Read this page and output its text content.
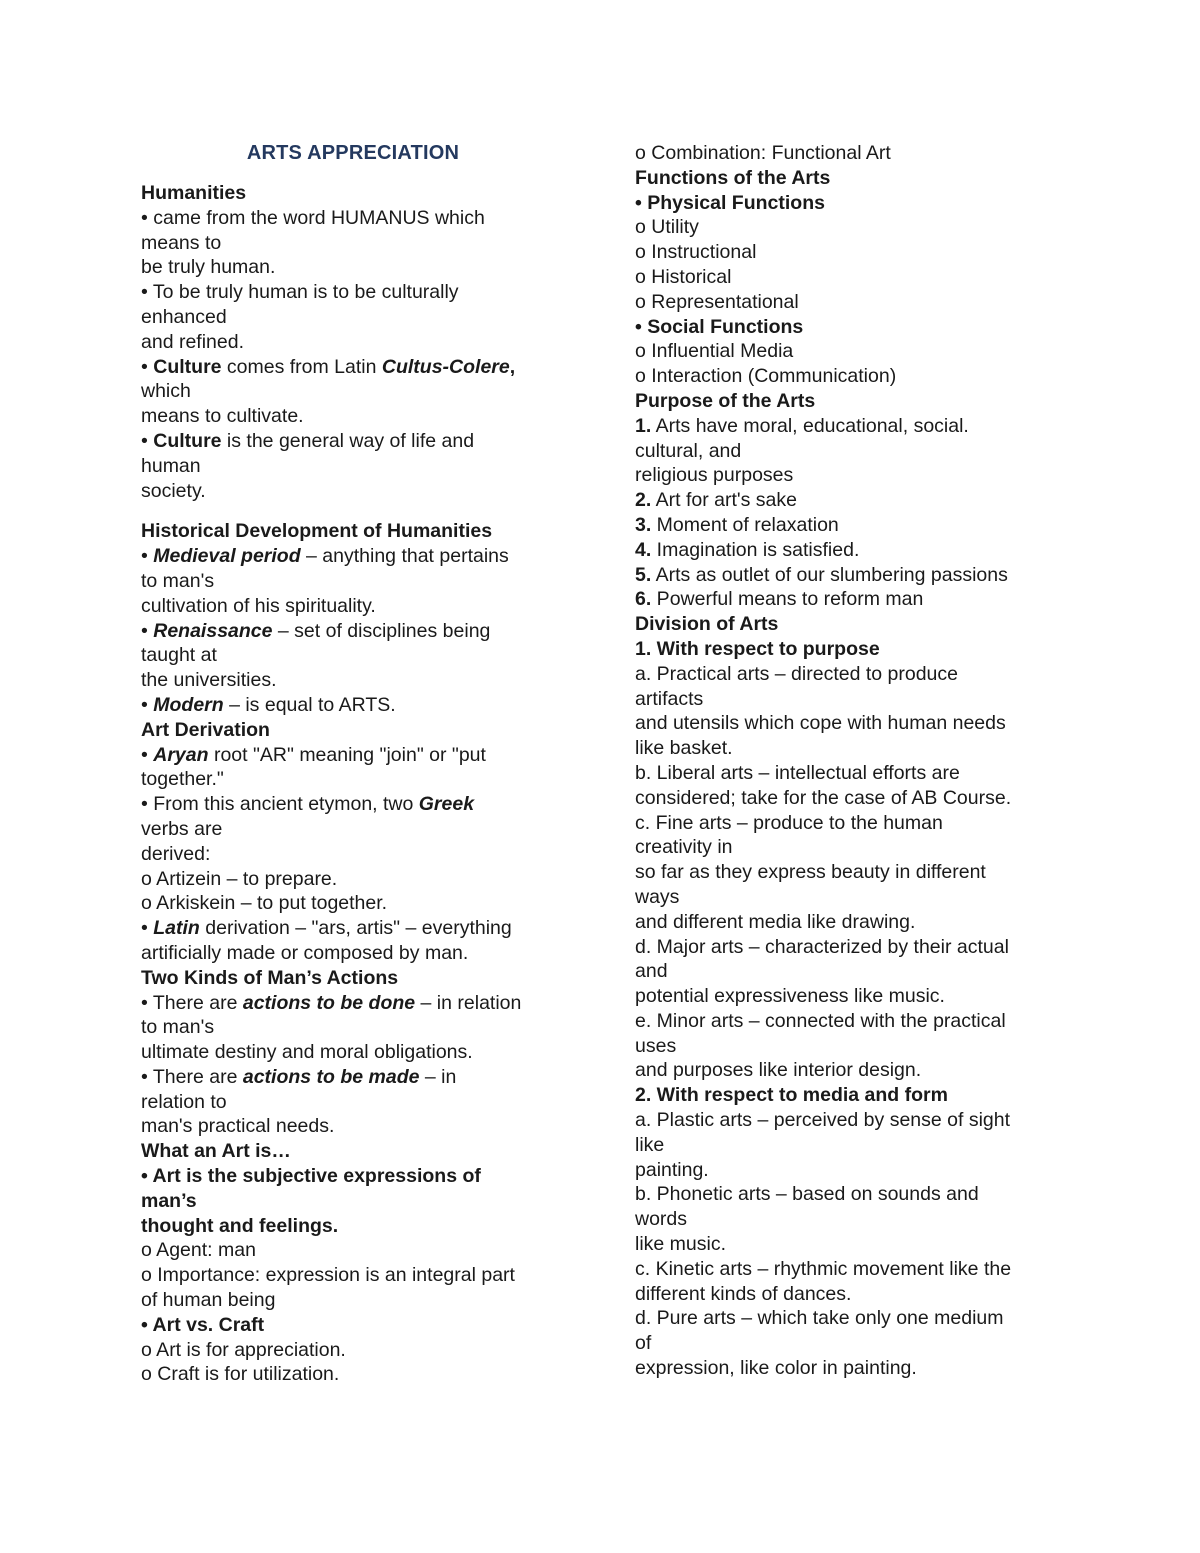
ARTS APPRECIATION
Humanities
• came from the word HUMANUS which
means to
be truly human.
• To be truly human is to be culturally
enhanced
and refined.
• Culture comes from Latin Cultus-Colere,
which
means to cultivate.
• Culture is the general way of life and
human
society.
Historical Development of Humanities
• Medieval period – anything that pertains
to man's
cultivation of his spirituality.
• Renaissance – set of disciplines being
taught at
the universities.
• Modern – is equal to ARTS.
Art Derivation
• Aryan root "AR" meaning "join" or "put
together."
• From this ancient etymon, two Greek
verbs are
derived:
o Artizein – to prepare.
o Arkiskein – to put together.
• Latin derivation – "ars, artis" – everything
artificially made or composed by man.
Two Kinds of Man’s Actions
• There are actions to be done – in relation
to man's
ultimate destiny and moral obligations.
• There are actions to be made – in
relation to
man's practical needs.
What an Art is…
• Art is the subjective expressions of
man’s
thought and feelings.
o Agent: man
o Importance: expression is an integral part
of human being
• Art vs. Craft
o Art is for appreciation.
o Craft is for utilization.
o Combination: Functional Art
Functions of the Arts
• Physical Functions
o Utility
o Instructional
o Historical
o Representational
• Social Functions
o Influential Media
o Interaction (Communication)
Purpose of the Arts
1. Arts have moral, educational, social.
cultural, and
religious purposes
2. Art for art's sake
3. Moment of relaxation
4. Imagination is satisfied.
5. Arts as outlet of our slumbering passions
6. Powerful means to reform man
Division of Arts
1. With respect to purpose
a. Practical arts – directed to produce
artifacts
and utensils which cope with human needs
like basket.
b. Liberal arts – intellectual efforts are
considered; take for the case of AB Course.
c. Fine arts – produce to the human
creativity in
so far as they express beauty in different
ways
and different media like drawing.
d. Major arts – characterized by their actual
and
potential expressiveness like music.
e. Minor arts – connected with the practical
uses
and purposes like interior design.
2. With respect to media and form
a. Plastic arts – perceived by sense of sight
like
painting.
b. Phonetic arts – based on sounds and
words
like music.
c. Kinetic arts – rhythmic movement like the
different kinds of dances.
d. Pure arts – which take only one medium
of
expression, like color in painting.
